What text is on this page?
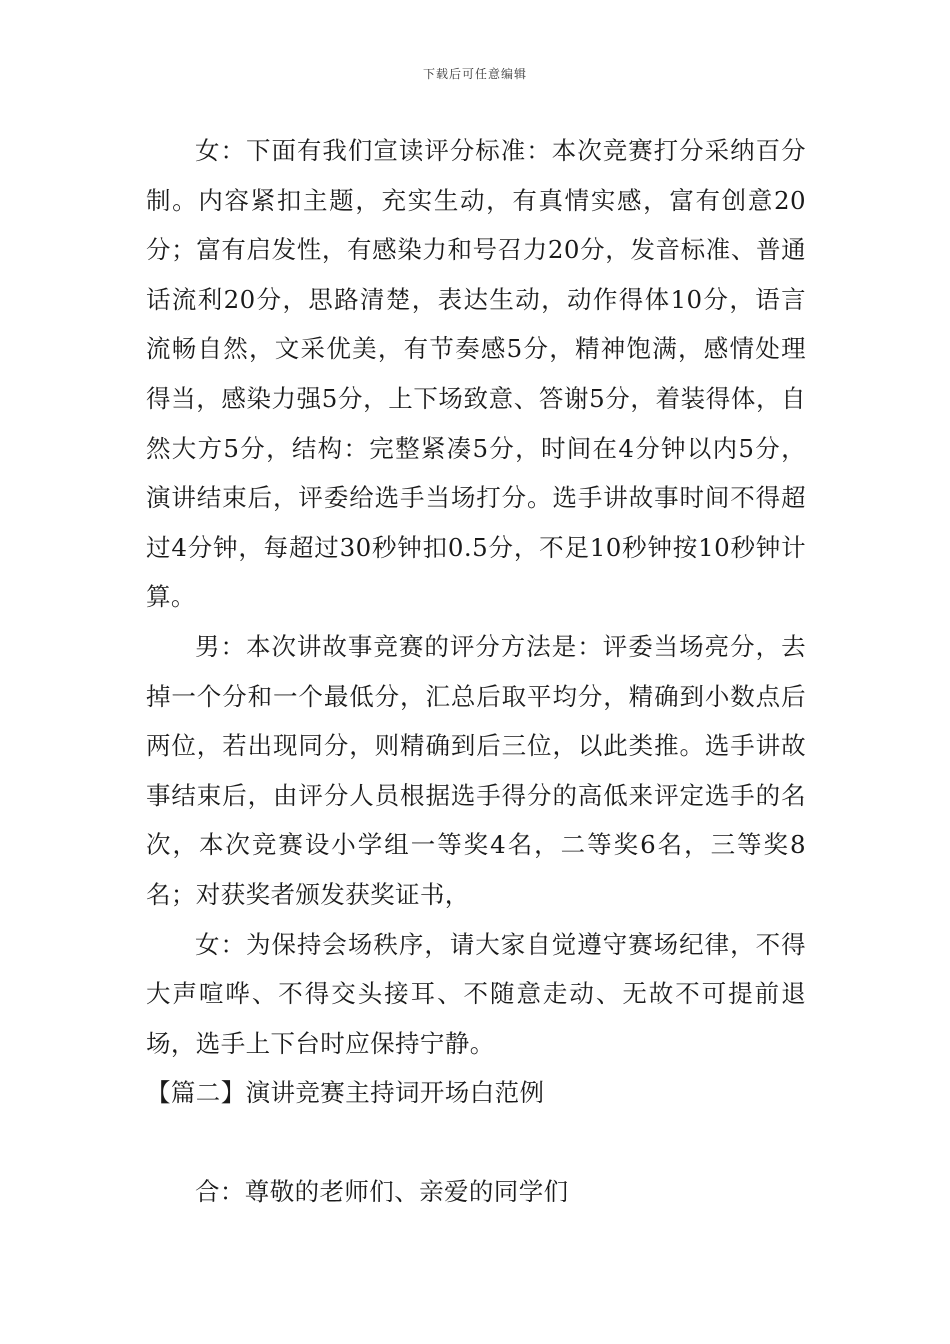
下载后可任意编辑

女：下面有我们宣读评分标准：本次竞赛打分采纳百分制。内容紧扣主题，充实生动，有真情实感，富有创意20分；富有启发性，有感染力和号召力20分，发音标准、普通话流利20分，思路清楚，表达生动，动作得体10分，语言流畅自然，文采优美，有节奏感5分，精神饱满，感情处理得当，感染力强5分，上下场致意、答谢5分，着装得体，自然大方5分，结构：完整紧凑5分，时间在4分钟以内5分，演讲结束后，评委给选手当场打分。选手讲故事时间不得超过4分钟，每超过30秒钟扣0.5分，不足10秒钟按10秒钟计算。

男：本次讲故事竞赛的评分方法是：评委当场亮分，去掉一个分和一个最低分，汇总后取平均分，精确到小数点后两位，若出现同分，则精确到后三位，以此类推。选手讲故事结束后，由评分人员根据选手得分的高低来评定选手的名次，本次竞赛设小学组一等奖4名，二等奖6名，三等奖8名；对获奖者颁发获奖证书，

女：为保持会场秩序，请大家自觉遵守赛场纪律，不得大声喧哗、不得交头接耳、不随意走动、无故不可提前退场，选手上下台时应保持宁静。

【篇二】演讲竞赛主持词开场白范例

合：尊敬的老师们、亲爱的同学们
